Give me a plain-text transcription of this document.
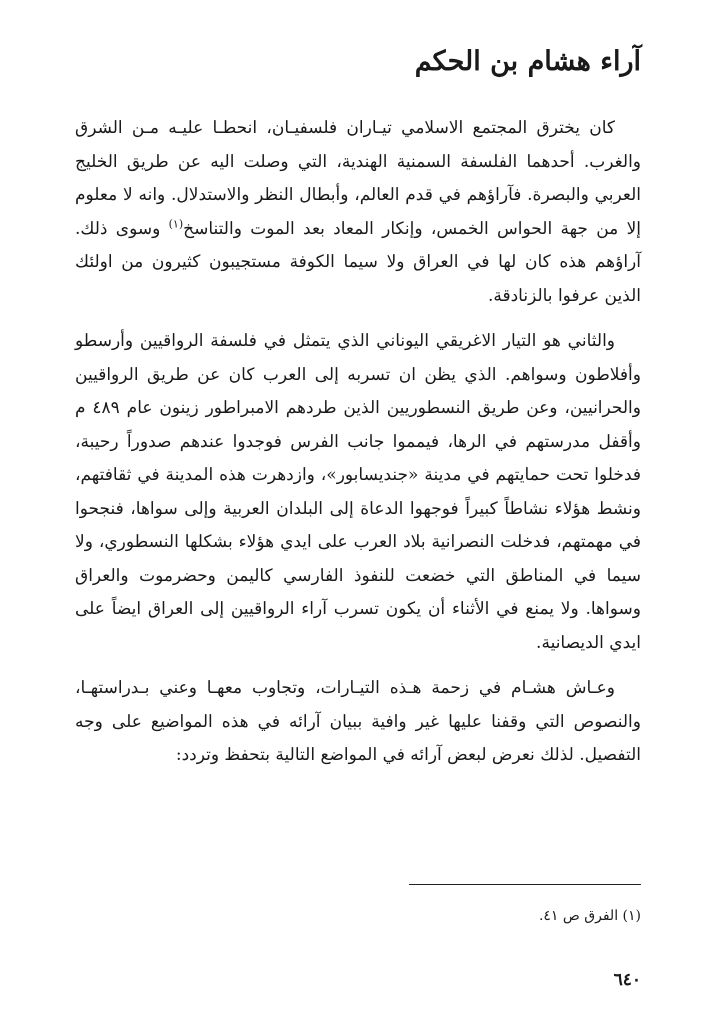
آراء هشام بن الحكم

كان يخترق المجتمع الاسلامي تيـاران فلسفيـان، انحطـا عليـه مـن الشرق والغرب. أحدهما الفلسفة السمنية الهندية، التي وصلت اليه عن طريق الخليج العربي والبصرة. فآراؤهم في قدم العالم، وأبطال النظر والاستدلال. وانه لا معلوم إلا من جهة الحواس الخمس، وإنكار المعاد بعد الموت والتناسخ$^{(١)}$ وسوى ذلك. آراؤهم هذه كان لها في العراق ولا سيما الكوفة مستجيبون كثيرون من اولئك الذين عرفوا بالزنادقة.

والثاني هو التيار الاغريقي اليوناني الذي يتمثل في فلسفة الرواقيين وأرسطو وأفلاطون وسواهم. الذي يظن ان تسربه إلى العرب كان عن طريق الرواقيين والحرانيين، وعن طريق النسطوريين الذين طردهم الامبراطور زينون عام ٤٨٩ م وأقفل مدرستهم في الرها، فيمموا جانب الفرس فوجدوا عندهم صدوراً رحيبة، فدخلوا تحت حمايتهم في مدينة «جنديسابور»، وازدهرت هذه المدينة في ثقافتهم، ونشط هؤلاء نشاطاً كبيراً فوجهوا الدعاة إلى البلدان العربية وإلى سواها، فنجحوا في مهمتهم، فدخلت النصرانية بلاد العرب على ايدي هؤلاء بشكلها النسطوري، ولا سيما في المناطق التي خضعت للنفوذ الفارسي كاليمن وحضرموت والعراق وسواها. ولا يمنع في الأثناء أن يكون تسرب آراء الرواقيين إلى العراق ايضاً على ايدي الديصانية.

وعـاش هشـام في زحمة هـذه التيـارات، وتجاوب معهـا وعني بـدراستهـا، والنصوص التي وقفنا عليها غير وافية ببيان آرائه في هذه المواضيع على وجه التفصيل. لذلك نعرض لبعض آرائه في المواضع التالية بتحفظ وتردد:

(١) الفرق ص ٤١.
٦٤٠
